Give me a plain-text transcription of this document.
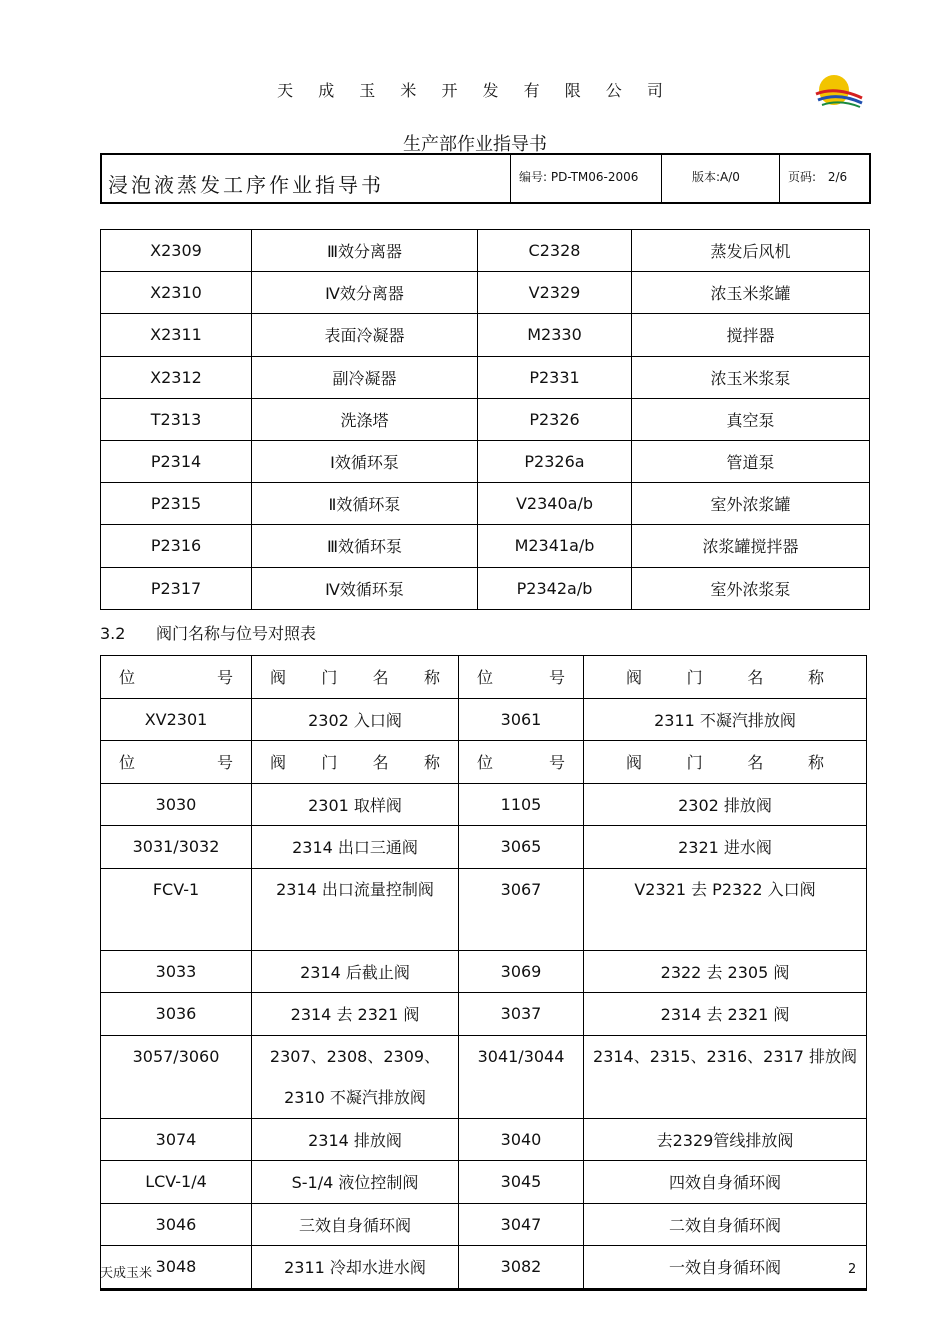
天 成 玉 米 开 发 有 限 公 司
生产部作业指导书
浸泡液蒸发工序作业指导书	编号: PD-TM06-2006	版本:A/0	页码: 2/6
X2309	Ⅲ效分离器	C2328	蒸发后风机
X2310	Ⅳ效分离器	V2329	浓玉米浆罐
X2311	表面冷凝器	M2330	搅拌器
X2312	副冷凝器	P2331	浓玉米浆泵
T2313	洗涤塔	P2326	真空泵
P2314	Ⅰ效循环泵	P2326a	管道泵
P2315	Ⅱ效循环泵	V2340a/b	室外浓浆罐
P2316	Ⅲ效循环泵	M2341a/b	浓浆罐搅拌器
P2317	Ⅳ效循环泵	P2342a/b	室外浓浆泵
3.2 阀门名称与位号对照表
位号	阀门名称	位号	阀门名称
XV2301	2302 入口阀	3061	2311 不凝汽排放阀
位号	阀门名称	位号	阀门名称
3030	2301 取样阀	1105	2302 排放阀
3031/3032	2314 出口三通阀	3065	2321 进水阀
FCV-1	2314 出口流量控制阀	3067	V2321 去 P2322 入口阀
3033	2314 后截止阀	3069	2322 去 2305 阀
3036	2314 去 2321 阀	3037	2314 去 2321 阀
3057/3060	2307、2308、2309、2310 不凝汽排放阀	3041/3044	2314、2315、2316、2317 排放阀
3074	2314 排放阀	3040	去2329管线排放阀
LCV-1/4	S-1/4 液位控制阀	3045	四效自身循环阀
3046	三效自身循环阀	3047	二效自身循环阀
3048	2311 冷却水进水阀	3082	一效自身循环阀
天成玉米	2
